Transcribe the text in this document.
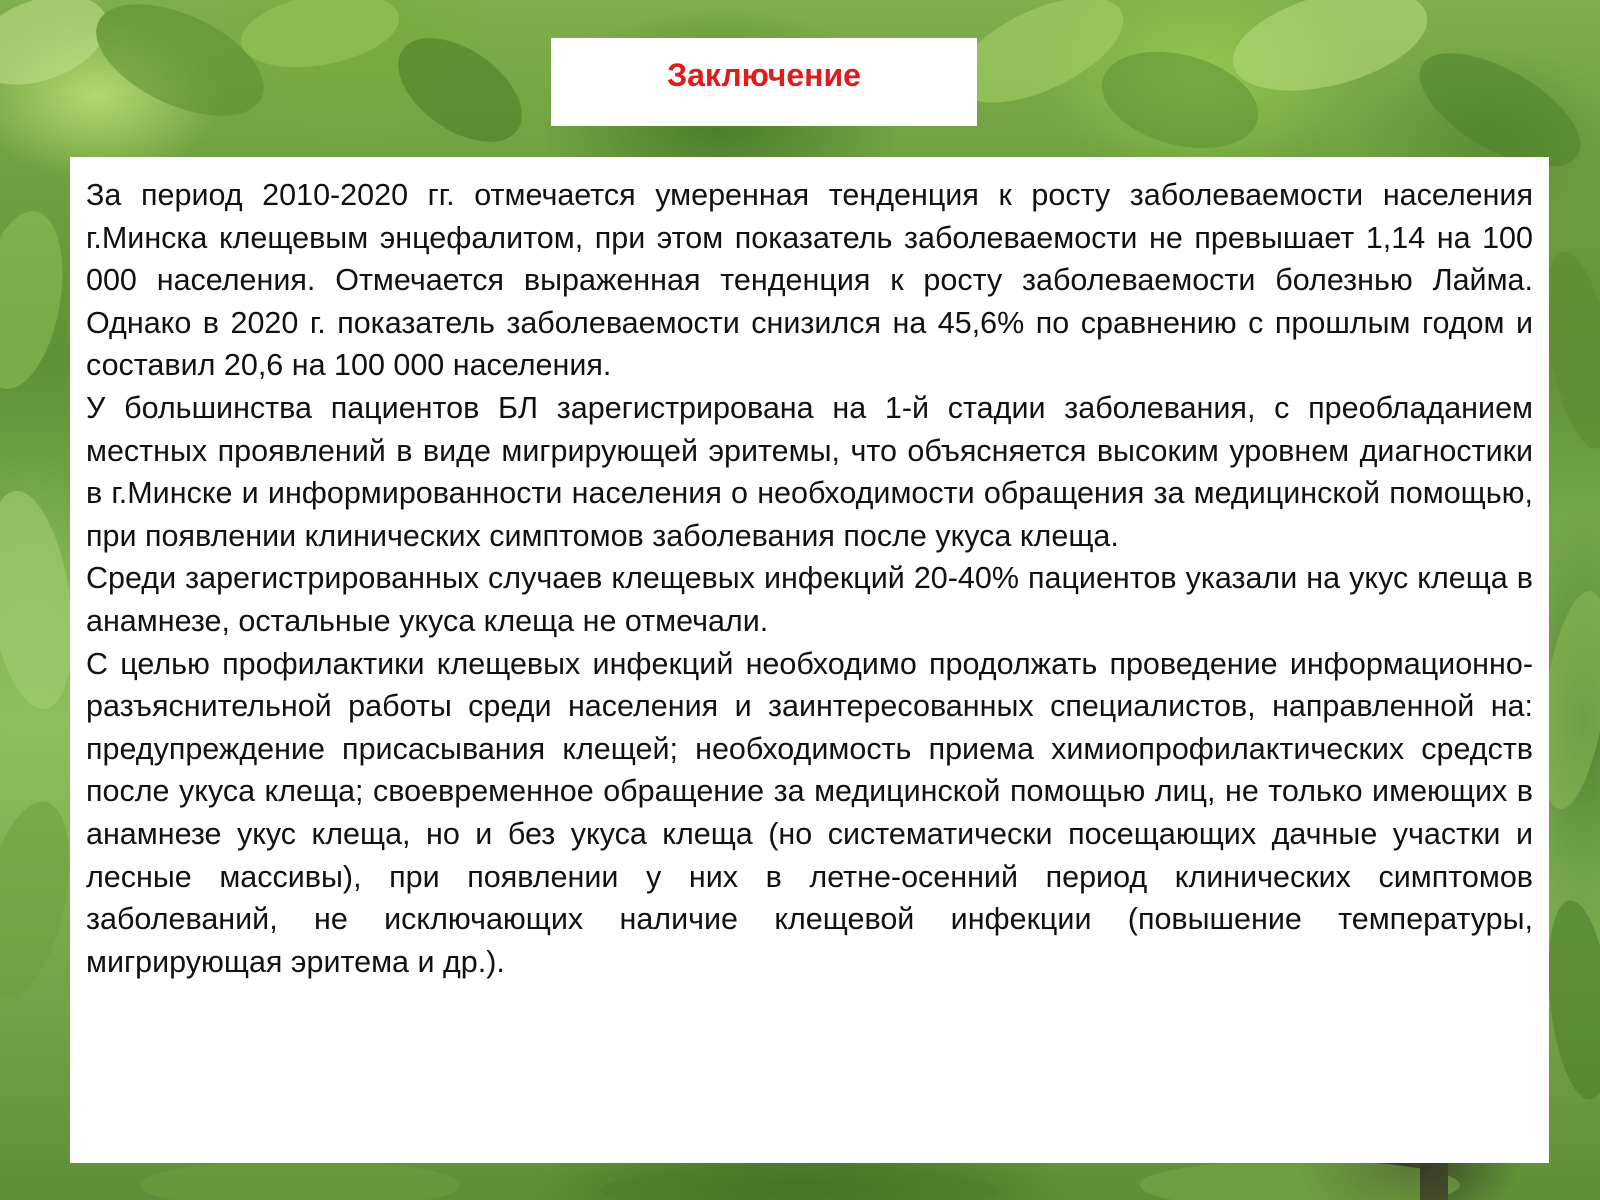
Заключение

За период 2010-2020 гг. отмечается умеренная тенденция к росту заболеваемости населения г.Минска клещевым энцефалитом, при этом показатель заболеваемости не превышает 1,14 на 100 000 населения. Отмечается выраженная тенденция к росту заболеваемости болезнью Лайма. Однако в 2020 г. показатель заболеваемости снизился на 45,6% по сравнению с прошлым годом и составил 20,6 на 100 000 населения.

У большинства пациентов БЛ зарегистрирована на 1-й стадии заболевания, с преобладанием местных проявлений в виде мигрирующей эритемы, что объясняется высоким уровнем диагностики в г.Минске и информированности населения о необходимости обращения за медицинской помощью, при появлении клинических симптомов заболевания после укуса клеща.

Среди зарегистрированных случаев клещевых инфекций 20-40% пациентов указали на укус клеща в анамнезе, остальные укуса клеща не отмечали.

С целью профилактики клещевых инфекций необходимо продолжать проведение информационно-разъяснительной работы среди населения и заинтересованных специалистов, направленной на: предупреждение присасывания клещей; необходимость приема химиопрофилактических средств после укуса клеща; своевременное обращение за медицинской помощью лиц, не только имеющих в анамнезе укус клеща, но и без укуса клеща (но систематически посещающих дачные участки и лесные массивы), при появлении у них в летне-осенний период клинических симптомов заболеваний, не исключающих наличие клещевой инфекции (повышение температуры, мигрирующая эритема и др.).
